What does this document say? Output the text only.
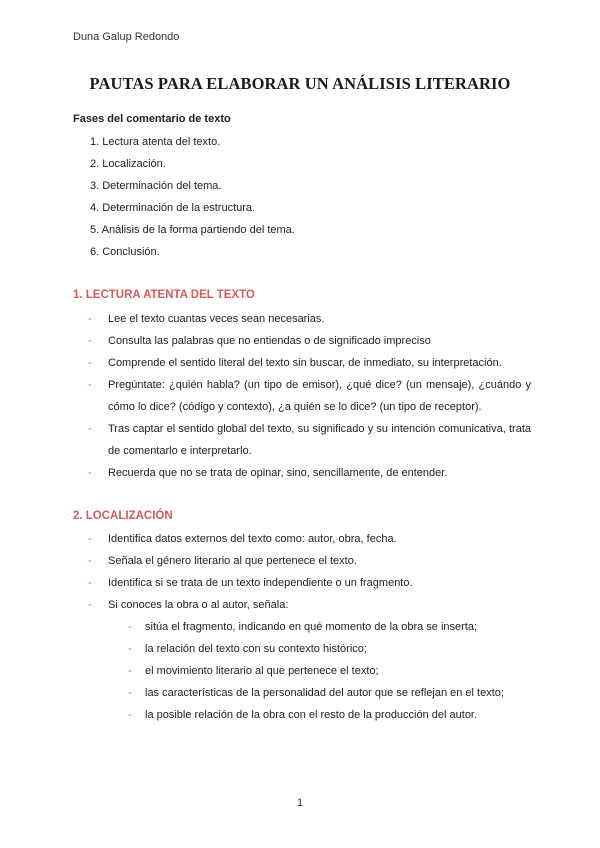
Duna Galup Redondo
PAUTAS PARA ELABORAR UN ANÁLISIS LITERARIO
Fases del comentario de texto
1. Lectura atenta del texto.
2. Localización.
3. Determinación del tema.
4. Determinación de la estructura.
5. Análisis de la forma partiendo del tema.
6. Conclusión.
1. LECTURA ATENTA DEL TEXTO
- Lee el texto cuantas veces sean necesarias.
- Consulta las palabras que no entiendas o de significado impreciso
- Comprende el sentido literal del texto sin buscar, de inmediato, su interpretación.
- Pregúntate: ¿quién habla? (un tipo de emisor), ¿qué dice? (un mensaje), ¿cuándo y cómo lo dice? (código y contexto), ¿a quién se lo dice? (un tipo de receptor).
- Tras captar el sentido global del texto, su significado y su intención comunicativa, trata de comentarlo e interpretarlo.
- Recuerda que no se trata de opinar, sino, sencillamente, de entender.
2. LOCALIZACIÓN
- Identifica datos externos del texto como: autor, obra, fecha.
- Señala el género literario al que pertenece el texto.
- Identifica si se trata de un texto independiente o un fragmento.
- Si conoces la obra o al autor, señala:
- sitúa el fragmento, indicando en qué momento de la obra se inserta;
- la relación del texto con su contexto histórico;
- el movimiento literario al que pertenece el texto;
- las características de la personalidad del autor que se reflejan en el texto;
- la posible relación de la obra con el resto de la producción del autor.
1
